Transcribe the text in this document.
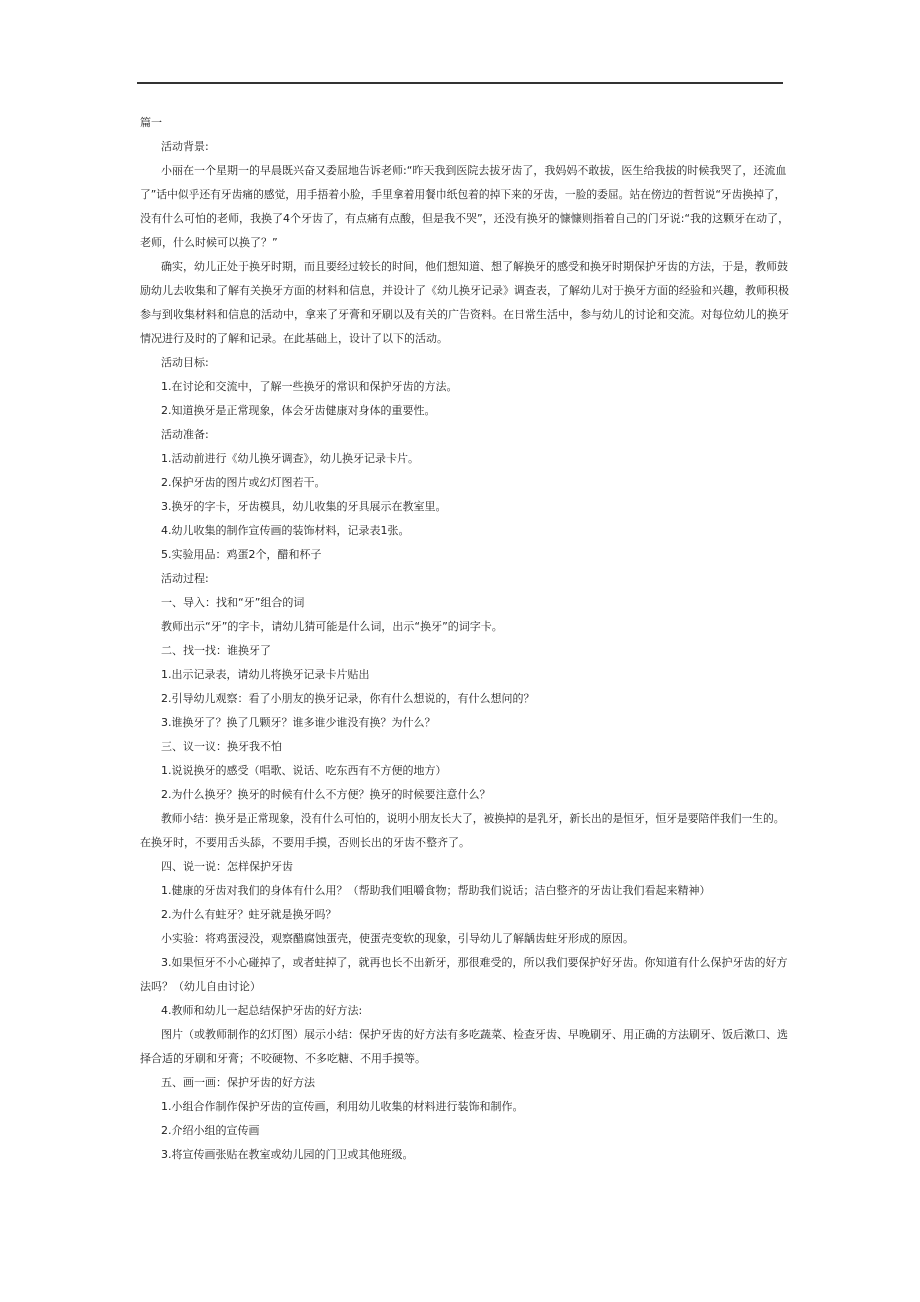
篇一
活动背景:
小丽在一个星期一的早晨既兴奋又委屈地告诉老师:“昨天我到医院去拔牙齿了，我妈妈不敢拔，医生给我拔的时候我哭了，还流血
了”话中似乎还有牙齿痛的感觉，用手捂着小脸，手里拿着用餐巾纸包着的掉下来的牙齿，一脸的委屈。站在傍边的哲哲说“牙齿换掉了，
没有什么可怕的老师，我换了4个牙齿了，有点痛有点酸，但是我不哭”，还没有换牙的慷慷则指着自己的门牙说:“我的这颗牙在动了，
老师，什么时候可以换了？”
确实，幼儿正处于换牙时期，而且要经过较长的时间，他们想知道、想了解换牙的感受和换牙时期保护牙齿的方法，于是，教师鼓
励幼儿去收集和了解有关换牙方面的材料和信息，并设计了《幼儿换牙记录》调查表，了解幼儿对于换牙方面的经验和兴趣，教师积极
参与到收集材料和信息的活动中，拿来了牙膏和牙刷以及有关的广告资料。在日常生活中，参与幼儿的讨论和交流。对每位幼儿的换牙
情况进行及时的了解和记录。在此基础上，设计了以下的活动。
活动目标:
1.在讨论和交流中，了解一些换牙的常识和保护牙齿的方法。
2.知道换牙是正常现象，体会牙齿健康对身体的重要性。
活动准备:
1.活动前进行《幼儿换牙调查》，幼儿换牙记录卡片。
2.保护牙齿的图片或幻灯图若干。
3.换牙的字卡，牙齿模具，幼儿收集的牙具展示在教室里。
4.幼儿收集的制作宣传画的装饰材料，记录表1张。
5.实验用品：鸡蛋2个，醋和杯子
活动过程:
一、导入：找和“牙”组合的词
教师出示“牙”的字卡，请幼儿猜可能是什么词，出示“换牙”的词字卡。
二、找一找：谁换牙了
1.出示记录表，请幼儿将换牙记录卡片贴出
2.引导幼儿观察：看了小朋友的换牙记录，你有什么想说的，有什么想问的？
3.谁换牙了？换了几颗牙？谁多谁少谁没有换？为什么？
三、议一议：换牙我不怕
1.说说换牙的感受（唱歌、说话、吃东西有不方便的地方）
2.为什么换牙？换牙的时候有什么不方便？换牙的时候要注意什么？
教师小结：换牙是正常现象，没有什么可怕的，说明小朋友长大了，被换掉的是乳牙，新长出的是恒牙，恒牙是要陪伴我们一生的。
在换牙时，不要用舌头舔，不要用手摸，否则长出的牙齿不整齐了。
四、说一说：怎样保护牙齿
1.健康的牙齿对我们的身体有什么用？（帮助我们咀嚼食物；帮助我们说话；洁白整齐的牙齿让我们看起来精神）
2.为什么有蛀牙？蛀牙就是换牙吗？
小实验：将鸡蛋浸没，观察醋腐蚀蛋壳，使蛋壳变软的现象，引导幼儿了解龋齿蛀牙形成的原因。
3.如果恒牙不小心碰掉了，或者蛀掉了，就再也长不出新牙，那很难受的，所以我们要保护好牙齿。你知道有什么保护牙齿的好方
法吗？（幼儿自由讨论）
4.教师和幼儿一起总结保护牙齿的好方法:
图片（或教师制作的幻灯图）展示小结：保护牙齿的好方法有多吃蔬菜、检查牙齿、早晚刷牙、用正确的方法刷牙、饭后漱口、选
择合适的牙刷和牙膏；不咬硬物、不多吃糖、不用手摸等。
五、画一画：保护牙齿的好方法
1.小组合作制作保护牙齿的宣传画，利用幼儿收集的材料进行装饰和制作。
2.介绍小组的宣传画
3.将宣传画张贴在教室或幼儿园的门卫或其他班级。
